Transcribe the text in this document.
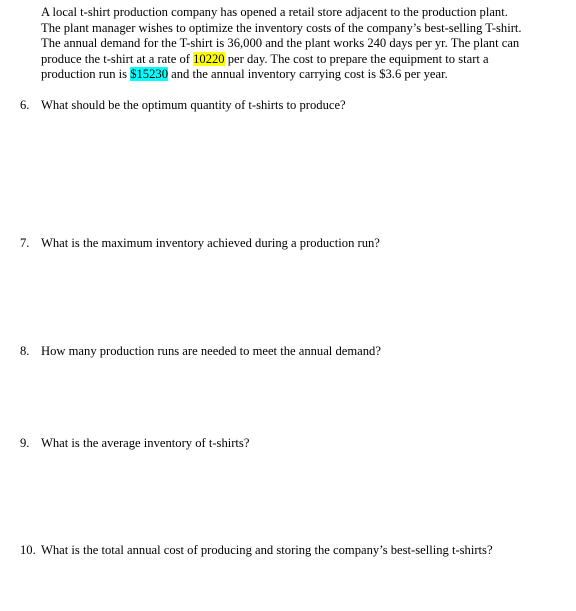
A local t-shirt production company has opened a retail store adjacent to the production plant.
The plant manager wishes to optimize the inventory costs of the company’s best-selling T-shirt.
The annual demand for the T-shirt is 36,000 and the plant works 240 days per yr. The plant can
produce the t-shirt at a rate of 10220 per day. The cost to prepare the equipment to start a
production run is $15230 and the annual inventory carrying cost is $3.6 per year.
6. What should be the optimum quantity of t-shirts to produce?
7. What is the maximum inventory achieved during a production run?
8. How many production runs are needed to meet the annual demand?
9. What is the average inventory of t-shirts?
10. What is the total annual cost of producing and storing the company’s best-selling t-shirts?
